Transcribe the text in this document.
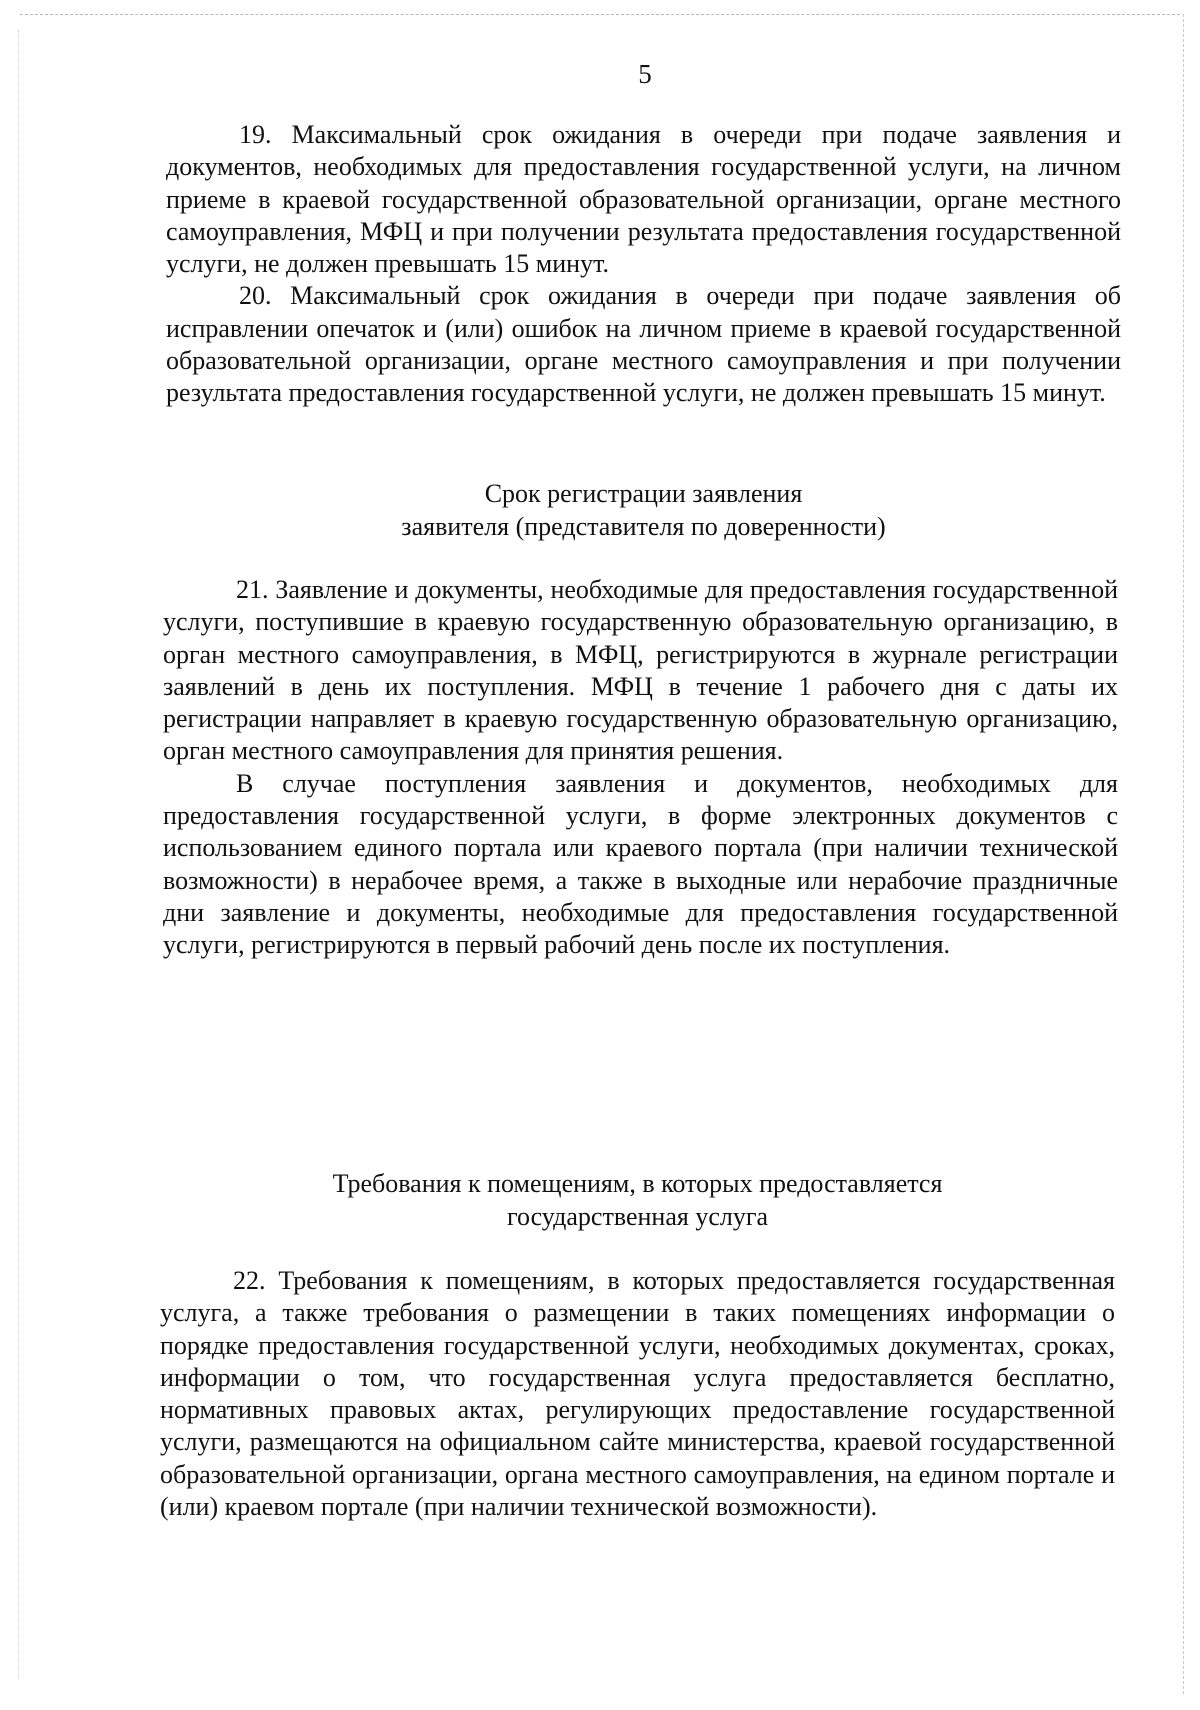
5

19. Максимальный срок ожидания в очереди при подаче заявления и документов, необходимых для предоставления государственной услуги, на личном приеме в краевой государственной образовательной организации, органе местного самоуправления, МФЦ и при получении результата предоставления государственной услуги, не должен превышать 15 минут.

20. Максимальный срок ожидания в очереди при подаче заявления об исправлении опечаток и (или) ошибок на личном приеме в краевой государственной образовательной организации, органе местного самоуправления и при получении результата предоставления государственной услуги, не должен превышать 15 минут.

Срок регистрации заявления
заявителя (представителя по доверенности)

21. Заявление и документы, необходимые для предоставления государственной услуги, поступившие в краевую государственную образовательную организацию, в орган местного самоуправления, в МФЦ, регистрируются в журнале регистрации заявлений в день их поступления. МФЦ в течение 1 рабочего дня с даты их регистрации направляет в краевую государственную образовательную организацию, орган местного самоуправления для принятия решения.

В случае поступления заявления и документов, необходимых для предоставления государственной услуги, в форме электронных документов с использованием единого портала или краевого портала (при наличии технической возможности) в нерабочее время, а также в выходные или нерабочие праздничные дни заявление и документы, необходимые для предоставления государственной услуги, регистрируются в первый рабочий день после их поступления.

Требования к помещениям, в которых предоставляется
государственная услуга

22. Требования к помещениям, в которых предоставляется государственная услуга, а также требования о размещении в таких помещениях информации о порядке предоставления государственной услуги, необходимых документах, сроках, информации о том, что государственная услуга предоставляется бесплатно, нормативных правовых актах, регулирующих предоставление государственной услуги, размещаются на официальном сайте министерства, краевой государственной образовательной организации, органа местного самоуправления, на едином портале и (или) краевом портале (при наличии технической возможности).
